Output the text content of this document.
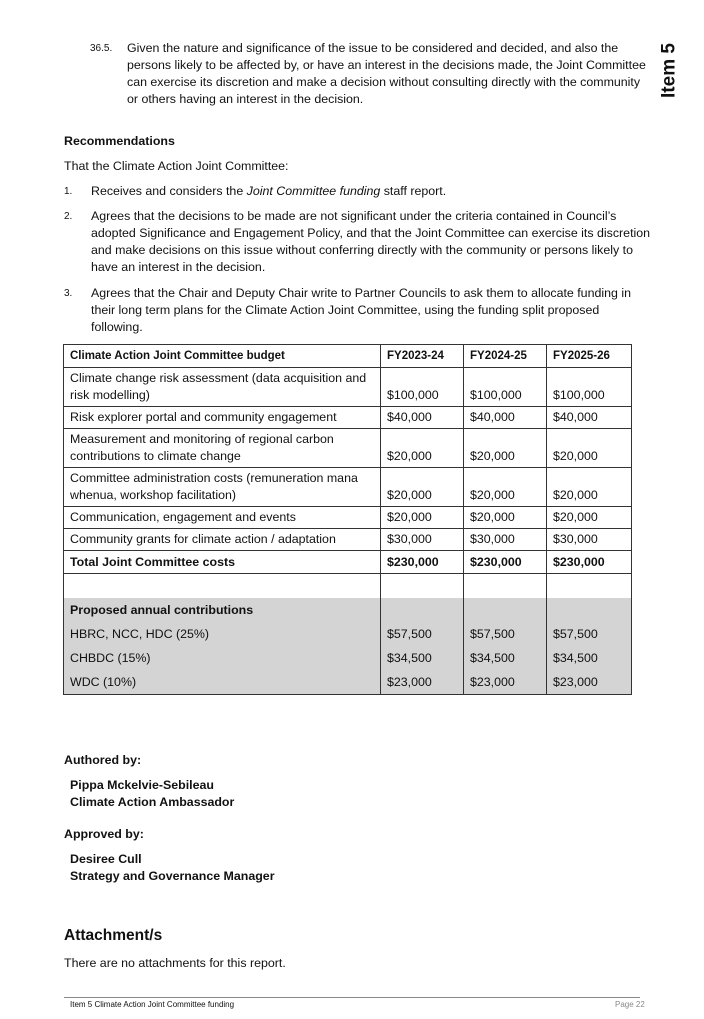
Item 5
36.5. Given the nature and significance of the issue to be considered and decided, and also the persons likely to be affected by, or have an interest in the decisions made, the Joint Committee can exercise its discretion and make a decision without consulting directly with the community or others having an interest in the decision.
Recommendations
That the Climate Action Joint Committee:
1. Receives and considers the Joint Committee funding staff report.
2. Agrees that the decisions to be made are not significant under the criteria contained in Council’s adopted Significance and Engagement Policy, and that the Joint Committee can exercise its discretion and make decisions on this issue without conferring directly with the community or persons likely to have an interest in the decision.
3. Agrees that the Chair and Deputy Chair write to Partner Councils to ask them to allocate funding in their long term plans for the Climate Action Joint Committee, using the funding split proposed following.
Climate Action Joint Committee budget	FY2023-24	FY2024-25	FY2025-26
Climate change risk assessment (data acquisition and risk modelling)	$100,000	$100,000	$100,000
Risk explorer portal and community engagement	$40,000	$40,000	$40,000
Measurement and monitoring of regional carbon contributions to climate change	$20,000	$20,000	$20,000
Committee administration costs (remuneration mana whenua, workshop facilitation)	$20,000	$20,000	$20,000
Communication, engagement and events	$20,000	$20,000	$20,000
Community grants for climate action / adaptation	$30,000	$30,000	$30,000
Total Joint Committee costs	$230,000	$230,000	$230,000

Proposed annual contributions			
HBRC, NCC, HDC (25%)	$57,500	$57,500	$57,500
CHBDC (15%)	$34,500	$34,500	$34,500
WDC (10%)	$23,000	$23,000	$23,000
Authored by:
Pippa Mckelvie-Sebileau
Climate Action Ambassador
Approved by:
Desiree Cull
Strategy and Governance Manager
Attachment/s
There are no attachments for this report.
Item 5 Climate Action Joint Committee funding	Page 22
